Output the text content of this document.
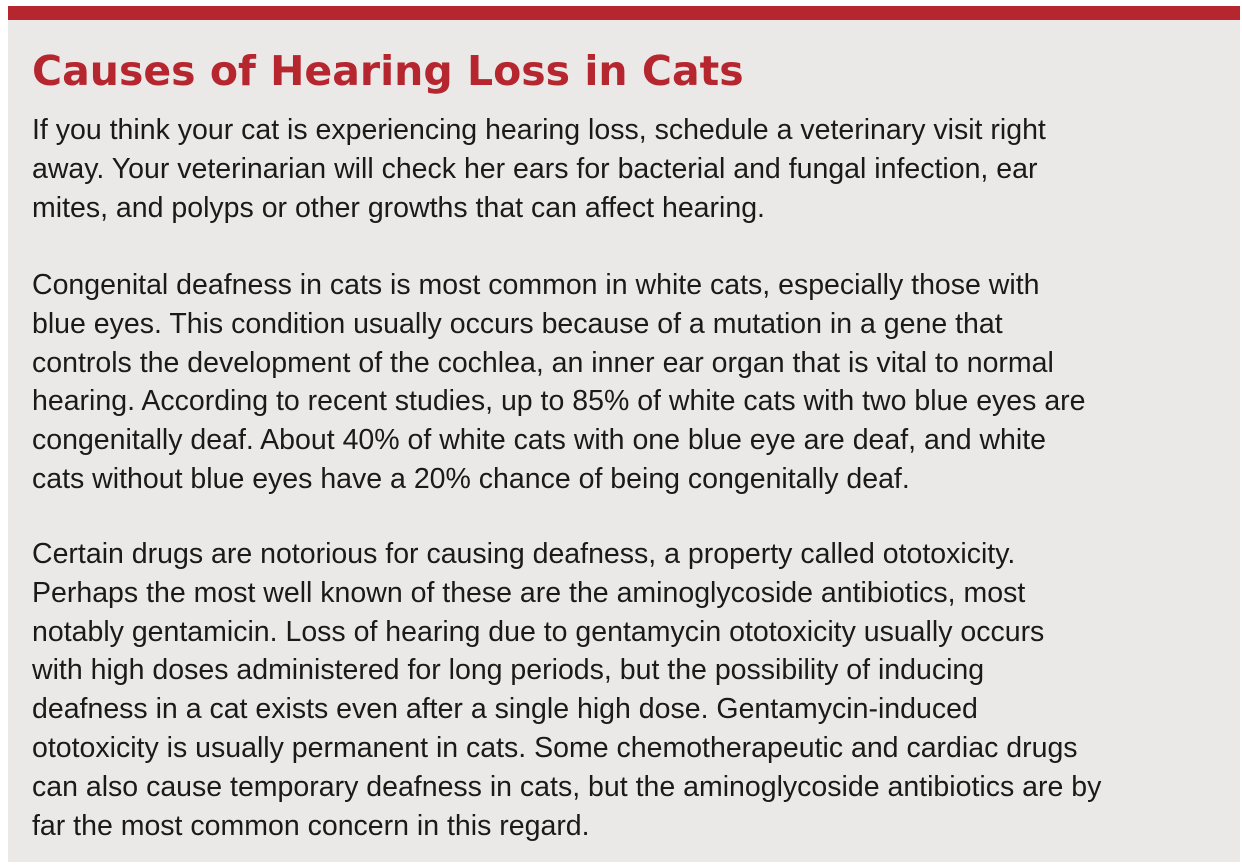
Causes of Hearing Loss in Cats

If you think your cat is experiencing hearing loss, schedule a veterinary visit right
away. Your veterinarian will check her ears for bacterial and fungal infection, ear
mites, and polyps or other growths that can affect hearing.

Congenital deafness in cats is most common in white cats, especially those with
blue eyes. This condition usually occurs because of a mutation in a gene that
controls the development of the cochlea, an inner ear organ that is vital to normal
hearing. According to recent studies, up to 85% of white cats with two blue eyes are
congenitally deaf. About 40% of white cats with one blue eye are deaf, and white
cats without blue eyes have a 20% chance of being congenitally deaf.

Certain drugs are notorious for causing deafness, a property called ototoxicity.
Perhaps the most well known of these are the aminoglycoside antibiotics, most
notably gentamicin. Loss of hearing due to gentamycin ototoxicity usually occurs
with high doses administered for long periods, but the possibility of inducing
deafness in a cat exists even after a single high dose. Gentamycin-induced
ototoxicity is usually permanent in cats. Some chemotherapeutic and cardiac drugs
can also cause temporary deafness in cats, but the aminoglycoside antibiotics are by
far the most common concern in this regard.
